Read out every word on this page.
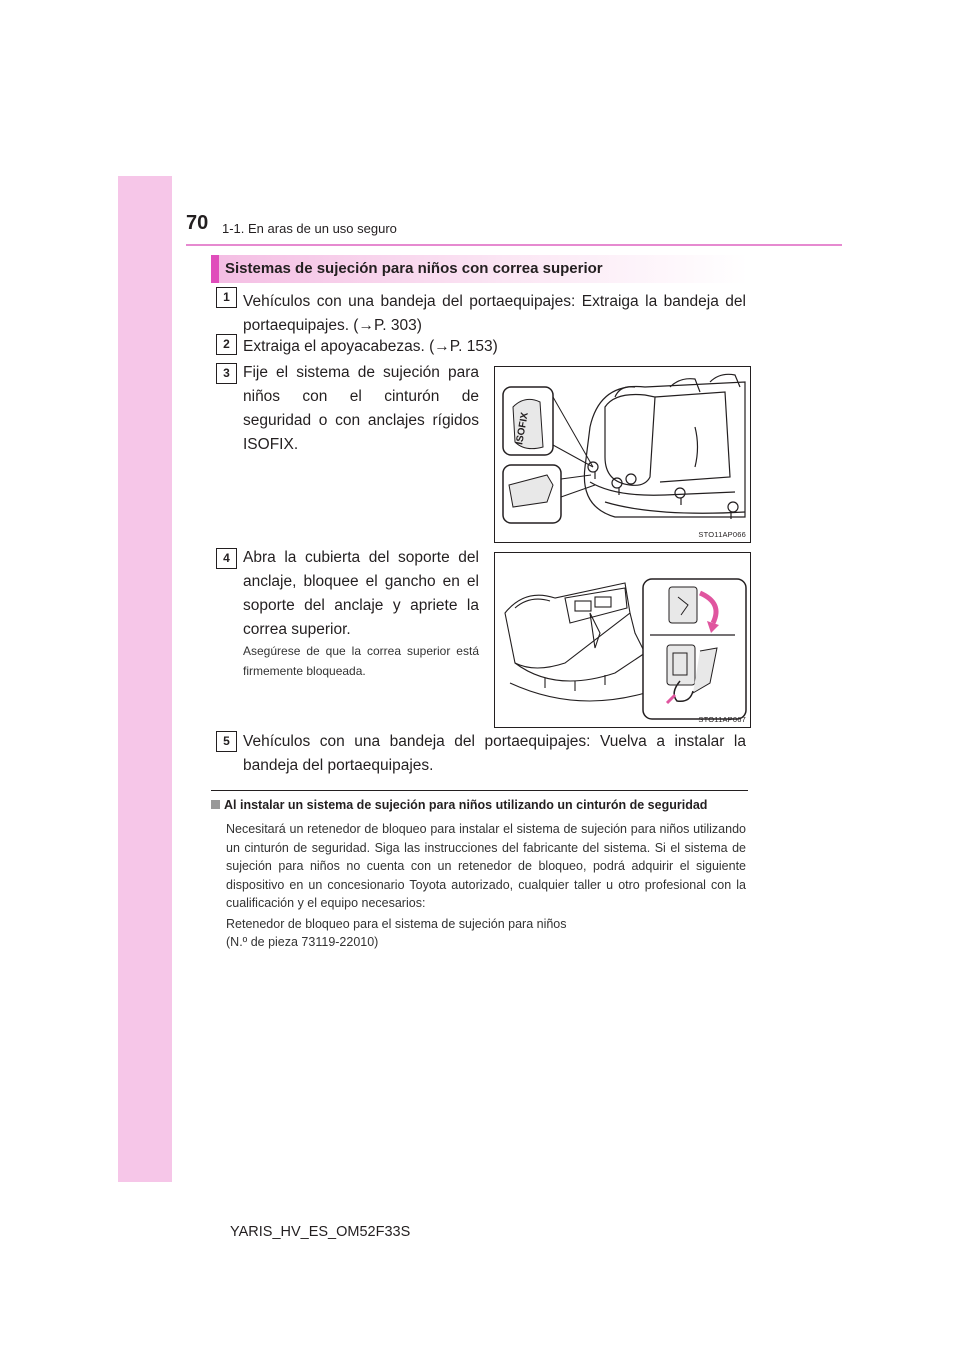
70 1-1. En aras de un uso seguro
Sistemas de sujeción para niños con correa superior
1 Vehículos con una bandeja del portaequipajes: Extraiga la bandeja del portaequipajes. (→P. 303)
2 Extraiga el apoyacabezas. (→P. 153)
3 Fije el sistema de sujeción para niños con el cinturón de seguridad o con anclajes rígidos ISOFIX.	ISOFIX
STO11AP066
4 Abra la cubierta del soporte del anclaje, bloquee el gancho en el soporte del anclaje y apriete la correa superior.
Asegúrese de que la correa superior está firmemente bloqueada.
STO11AP067
5 Vehículos con una bandeja del portaequipajes: Vuelva a instalar la bandeja del portaequipajes.
Al instalar un sistema de sujeción para niños utilizando un cinturón de seguridad
Necesitará un retenedor de bloqueo para instalar el sistema de sujeción para niños utilizando un cinturón de seguridad. Siga las instrucciones del fabricante del sistema. Si el sistema de sujeción para niños no cuenta con un retenedor de bloqueo, podrá adquirir el siguiente dispositivo en un concesionario Toyota autorizado, cualquier taller u otro profesional con la cualificación y el equipo necesarios:
Retenedor de bloqueo para el sistema de sujeción para niños
(N.º de pieza 73119-22010)
YARIS_HV_ES_OM52F33S
